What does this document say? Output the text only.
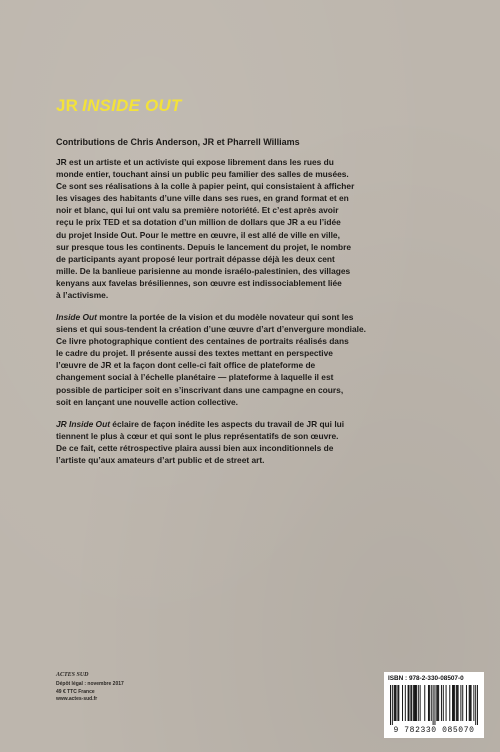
JR INSIDE OUT
Contributions de Chris Anderson, JR et Pharrell Williams
JR est un artiste et un activiste qui expose librement dans les rues du
monde entier, touchant ainsi un public peu familier des salles de musées.
Ce sont ses réalisations à la colle à papier peint, qui consistaient à afficher
les visages des habitants d’une ville dans ses rues, en grand format et en
noir et blanc, qui lui ont valu sa première notoriété. Et c’est après avoir
reçu le prix TED et sa dotation d’un million de dollars que JR a eu l’idée
du projet Inside Out. Pour le mettre en œuvre, il est allé de ville en ville,
sur presque tous les continents. Depuis le lancement du projet, le nombre
de participants ayant proposé leur portrait dépasse déjà les deux cent
mille. De la banlieue parisienne au monde israélo-palestinien, des villages
kenyans aux favelas brésiliennes, son œuvre est indissociablement liée
à l’activisme.
Inside Out montre la portée de la vision et du modèle novateur qui sont les
siens et qui sous-tendent la création d’une œuvre d’art d’envergure mondiale.
Ce livre photographique contient des centaines de portraits réalisés dans
le cadre du projet. Il présente aussi des textes mettant en perspective
l’œuvre de JR et la façon dont celle-ci fait office de plateforme de
changement social à l’échelle planétaire — plateforme à laquelle il est
possible de participer soit en s’inscrivant dans une campagne en cours,
soit en lançant une nouvelle action collective.
JR Inside Out éclaire de façon inédite les aspects du travail de JR qui lui
tiennent le plus à cœur et qui sont le plus représentatifs de son œuvre.
De ce fait, cette rétrospective plaira aussi bien aux inconditionnels de
l’artiste qu’aux amateurs d’art public et de street art.
ACTES SUD
Dépôt légal : novembre 2017
49 € TTC France
www.actes-sud.fr
ISBN : 978-2-330-08507-0
9 782330 085070
